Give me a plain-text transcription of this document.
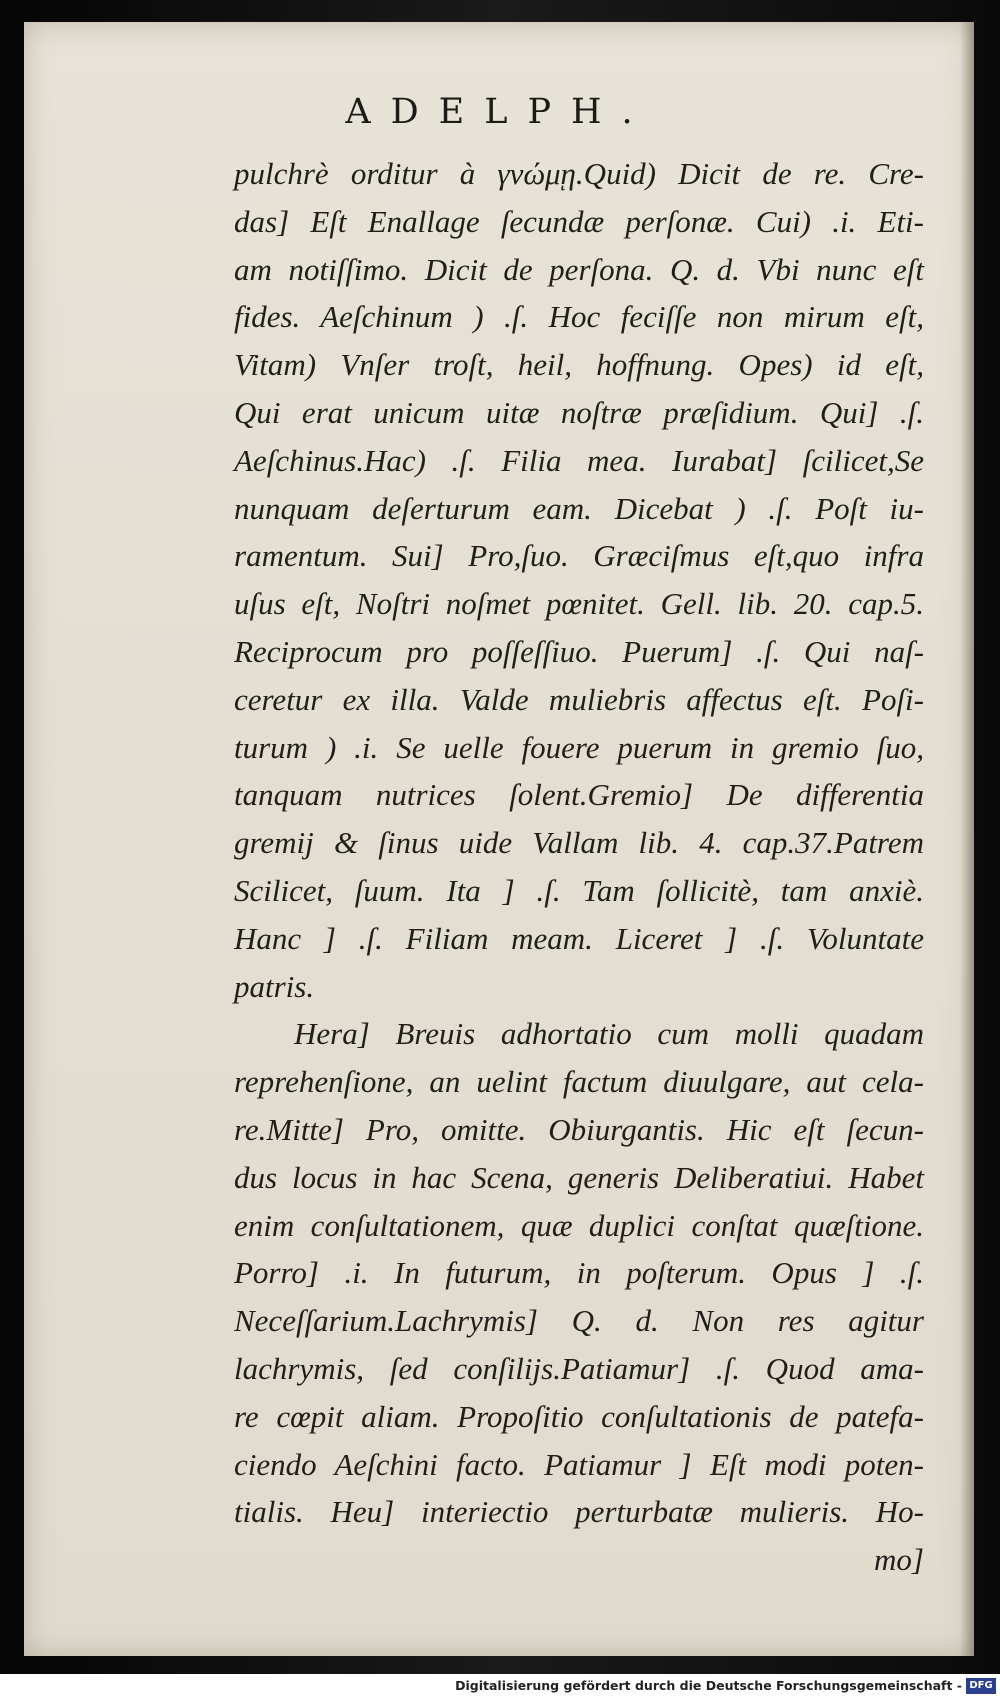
ADELPH.
pulchrè orditur à γνώμῃ.Quid) Dicit de re. Cre-
das] Eſt Enallage ſecundæ perſonæ. Cui) .i. Eti-
am notiſſimo. Dicit de perſona. Q. d. Vbi nunc eſt
fides. Aeſchinum ) .ſ. Hoc feciſſe non mirum eſt,
Vitam) Vnſer troſt, heil, hoffnung. Opes) id eſt,
Qui erat unicum uitæ noſtræ præſidium. Qui] .ſ.
Aeſchinus.Hac) .ſ. Filia mea. Iurabat] ſcilicet,Se
nunquam deſerturum eam. Dicebat ) .ſ. Poſt iu-
ramentum. Sui] Pro,ſuo. Græciſmus eſt,quo infra
uſus eſt, Noſtri noſmet pœnitet. Gell. lib. 20. cap.5.
Reciprocum pro poſſeſſiuo. Puerum] .ſ. Qui naſ-
ceretur ex illa. Valde muliebris affectus eſt. Poſi-
turum ) .i. Se uelle fouere puerum in gremio ſuo,
tanquam nutrices ſolent.Gremio] De differentia
gremij & ſinus uide Vallam lib. 4. cap.37.Patrem
Scilicet, ſuum. Ita ] .ſ. Tam ſollicitè, tam anxiè.
Hanc ] .ſ. Filiam meam. Liceret ] .ſ. Voluntate
patris.
Hera] Breuis adhortatio cum molli quadam
reprehenſione, an uelint factum diuulgare, aut cela-
re.Mitte] Pro, omitte. Obiurgantis. Hic eſt ſecun-
dus locus in hac Scena, generis Deliberatiui. Habet
enim conſultationem, quæ duplici conſtat quæſtione.
Porro] .i. In futurum, in poſterum. Opus ] .ſ.
Neceſſarium.Lachrymis] Q. d. Non res agitur
lachrymis, ſed conſilijs.Patiamur] .ſ. Quod ama-
re cœpit aliam. Propoſitio conſultationis de patefa-
ciendo Aeſchini facto. Patiamur ] Eſt modi poten-
tialis. Heu] interiectio perturbatæ mulieris. Ho-
mo]
Digitalisierung gefördert durch die Deutsche Forschungsgemeinschaft - DFG
